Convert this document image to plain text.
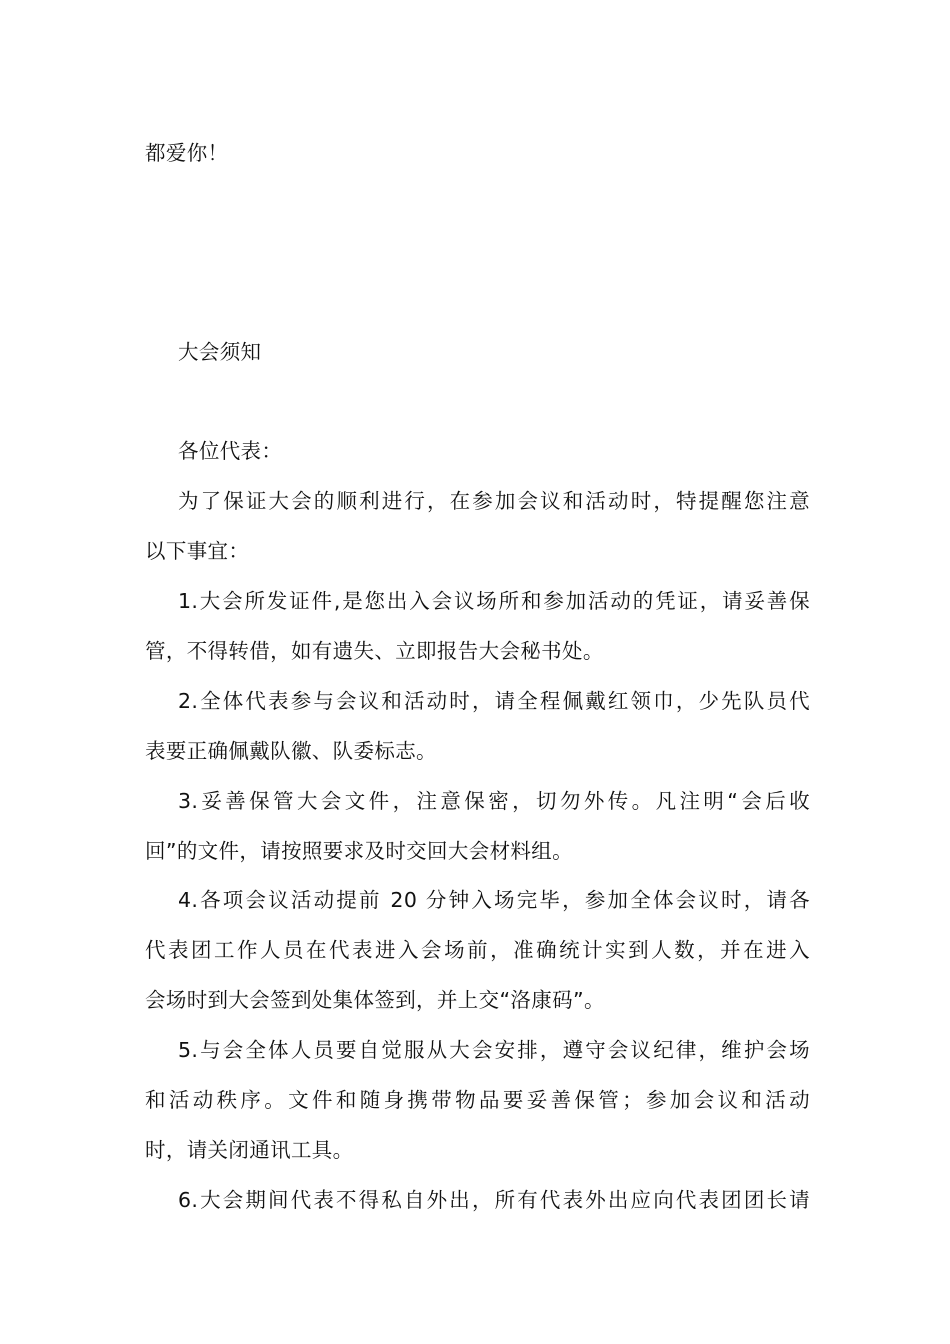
都爱你！
大会须知
各位代表：
为了保证大会的顺利进行，在参加会议和活动时，特提醒您注意
以下事宜：
1.大会所发证件,是您出入会议场所和参加活动的凭证，请妥善保
管，不得转借，如有遗失、立即报告大会秘书处。
2.全体代表参与会议和活动时，请全程佩戴红领巾，少先队员代
表要正确佩戴队徽、队委标志。
3.妥善保管大会文件，注意保密，切勿外传。凡注明“会后收
回”的文件，请按照要求及时交回大会材料组。
4.各项会议活动提前 20 分钟入场完毕，参加全体会议时，请各
代表团工作人员在代表进入会场前，准确统计实到人数，并在进入
会场时到大会签到处集体签到，并上交“洛康码”。
5.与会全体人员要自觉服从大会安排，遵守会议纪律，维护会场
和活动秩序。文件和随身携带物品要妥善保管；参加会议和活动
时，请关闭通讯工具。
6.大会期间代表不得私自外出，所有代表外出应向代表团团长请
